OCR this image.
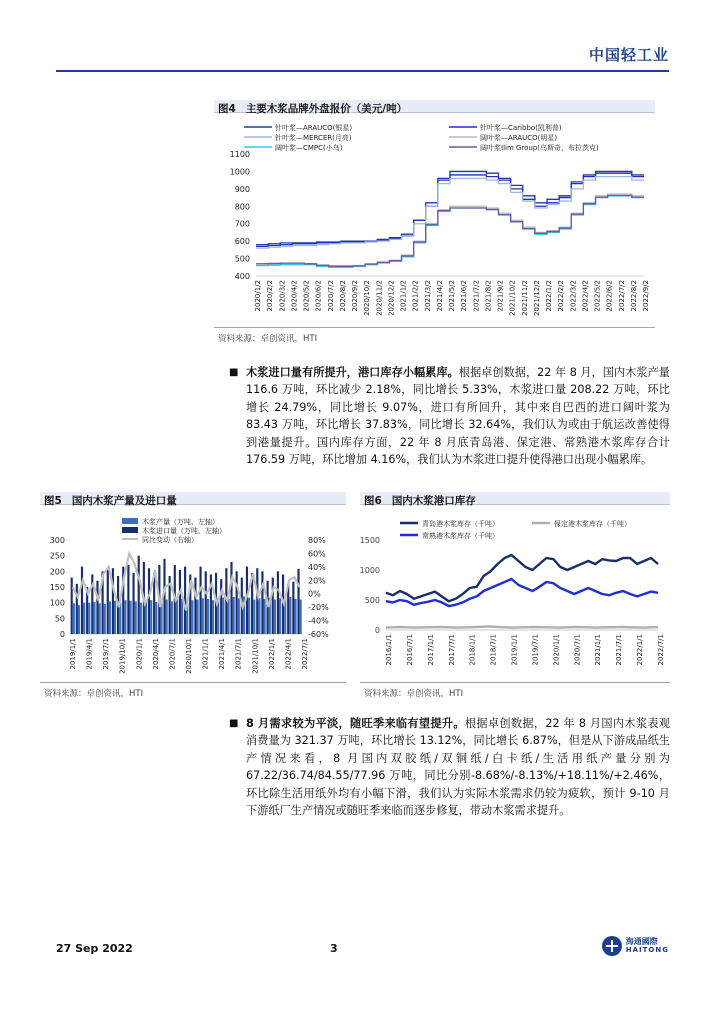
中国轻工业
图4 主要木浆品牌外盘报价（美元/吨）
400
500
600
700
800
900
1000
1100
2020/1/2 2020/2/2 2020/3/2 2020/4/2 2020/5/2 2020/6/2 2020/7/2 2020/8/2 2020/9/2 2020/10/2 2020/11/2 2020/12/2 2021/1/2 2021/2/2 2021/3/2 2021/4/2 2021/5/2 2021/6/2 2021/7/2 2021/8/2 2021/9/2 2021/10/2 2021/11/2 2021/12/2 2022/1/2 2022/2/2 2022/3/2 2022/4/2 2022/5/2 2022/6/2 2022/7/2 2022/8/2 2022/9/2
针叶浆—ARAUCO(银星)	针叶浆—Caribbo(凯利普)
针叶浆—MERCER(月亮)	阔叶浆—ARAUCO(明星)
阔叶浆—CMPC(小鸟)	阔叶浆Ilim Group(乌斯奇、布拉茨克)
资料来源：卓创资讯，HTI
■ 木浆进口量有所提升，港口库存小幅累库。根据卓创数据，22 年 8 月，国内木浆产量 116.6 万吨，环比减少 2.18%，同比增长 5.33%，木浆进口量 208.22 万吨，环比增长 24.79%，同比增长 9.07%，进口有所回升，其中来自巴西的进口阔叶浆为 83.43 万吨，环比增长 37.83%，同比增长 32.64%，我们认为或由于航运改善使得到港量提升。国内库存方面，22 年 8 月底青岛港、保定港、常熟港木浆库存合计 176.59 万吨，环比增加 4.16%，我们认为木浆进口提升使得港口出现小幅累库。
图5 国内木浆产量及进口量
0
50
100
150
200
250
300
-60%
-40%
-20%
0%
20%
40%
60%
80%
2019/1/1 2019/4/1 2019/7/1 2019/10/1 2020/1/1 2020/4/1 2020/7/1 2020/10/1 2021/1/1 2021/4/1 2021/7/1 2021/10/1 2022/1/1 2022/4/1 2022/7/1
木浆产量（万吨，左轴）
木浆进口量（万吨，左轴）
同比变动（右轴）
资料来源：卓创资讯，HTI
图6 国内木浆港口库存
0
500
1000
1500
2016/1/1 2016/7/1 2017/1/1 2017/7/1 2018/1/1 2018/7/1 2019/1/1 2019/7/1 2020/1/1 2020/7/1 2021/1/1 2021/7/1 2022/1/1 2022/7/1
青岛港木浆库存（千吨）	保定港木浆库存（千吨）
常熟港木浆库存（千吨）
资料来源：卓创资讯，HTI
■ 8 月需求较为平淡，随旺季来临有望提升。根据卓创数据，22 年 8 月国内木浆表观消费量为 321.37 万吨，环比增长 13.12%，同比增长 6.87%，但是从下游成品纸生产情况来看，8 月国内双胶纸/双铜纸/白卡纸/生活用纸产量分别为 67.22/36.74/84.55/77.96 万吨，同比分别-8.68%/-8.13%/+18.11%/+2.46%，环比除生活用纸外均有小幅下滑，我们认为实际木浆需求仍较为疲软，预计 9-10 月下游纸厂生产情况或随旺季来临而逐步修复，带动木浆需求提升。
27 Sep 2022	3
海通國際
HAITONG
